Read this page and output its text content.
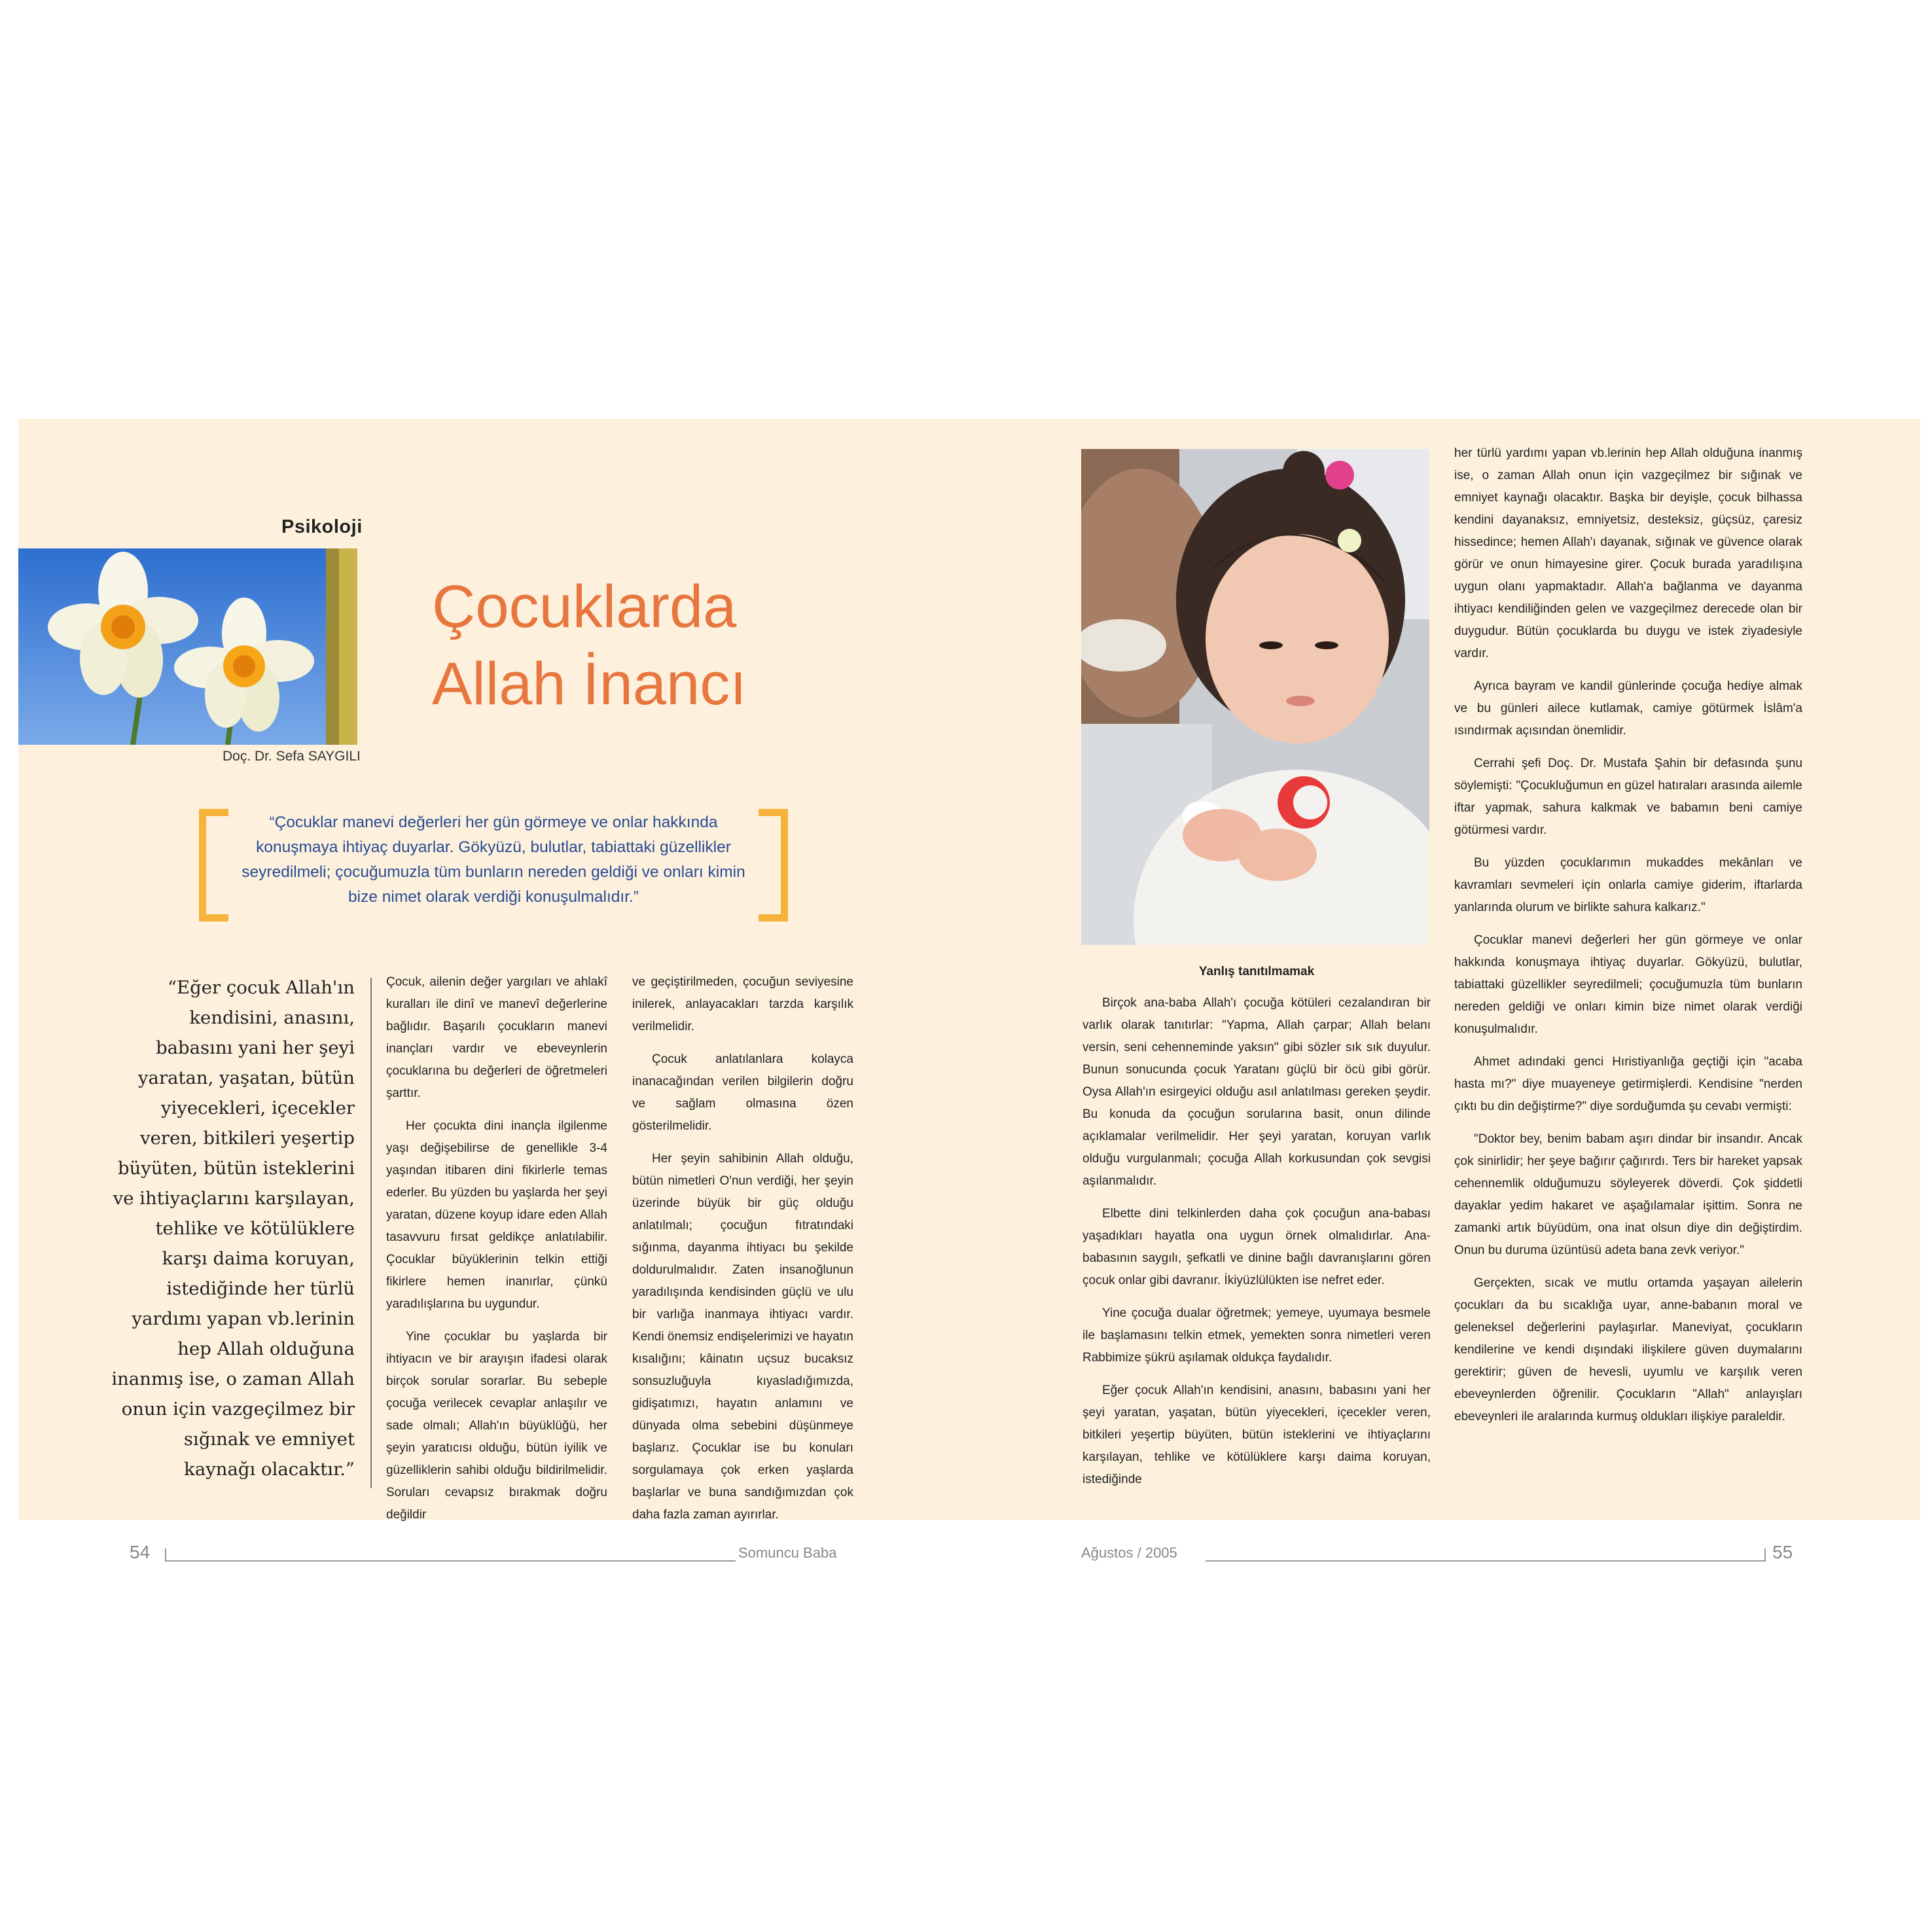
Psikoloji
Doç. Dr. Sefa SAYGILI
Çocuklarda
Allah İnancı
“Çocuklar manevi değerleri her gün görmeye ve onlar hakkında konuşmaya ihtiyaç duyarlar. Gökyüzü, bulutlar, tabiattaki güzellikler seyredilmeli; çocuğumuzla tüm bunların nereden geldiği ve onları kimin bize nimet olarak verdiği konuşulmalıdır.”
“Eğer çocuk Allah'ın kendisini, anasını, babasını yani her şeyi yaratan, yaşatan, bütün yiyecekleri, içecekler veren, bitkileri yeşertip büyüten, bütün isteklerini ve ihtiyaçlarını karşılayan, tehlike ve kötülüklere karşı daima koruyan, istediğinde her türlü yardımı yapan vb.lerinin hep Allah olduğuna inanmış ise, o zaman Allah onun için vazgeçilmez bir sığınak ve emniyet kaynağı olacaktır.”

Çocuk, ailenin değer yargıları ve ahlakî kuralları ile dinî ve manevî değerlerine bağlıdır. Başarılı çocukların manevi inançları vardır ve ebeveynlerin çocuklarına bu değerleri de öğretmeleri şarttır.

Her çocukta dini inançla ilgilenme yaşı değişebilirse de genellikle 3-4 yaşından itibaren dini fikirlerle temas ederler. Bu yüzden bu yaşlarda her şeyi yaratan, düzene koyup idare eden Allah tasavvuru fırsat geldikçe anlatılabilir. Çocuklar büyüklerinin telkin ettiği fikirlere hemen inanırlar, çünkü yaradılışlarına bu uygundur.

Yine çocuklar bu yaşlarda bir ihtiyacın ve bir arayışın ifadesi olarak birçok sorular sorarlar. Bu sebeple çocuğa verilecek cevaplar anlaşılır ve sade olmalı; Allah'ın büyüklüğü, her şeyin yaratıcısı olduğu, bütün iyilik ve güzelliklerin sahibi olduğu bildirilmelidir. Soruları cevapsız bırakmak doğru değildir

ve geçiştirilmeden, çocuğun seviyesine inilerek, anlayacakları tarzda karşılık verilmelidir.

Çocuk anlatılanlara kolayca inanacağından verilen bilgilerin doğru ve sağlam olmasına özen gösterilmelidir.

Her şeyin sahibinin Allah olduğu, bütün nimetleri O'nun verdiği, her şeyin üzerinde büyük bir güç olduğu anlatılmalı; çocuğun fıtratındaki sığınma, dayanma ihtiyacı bu şekilde doldurulmalıdır. Zaten insanoğlunun yaradılışında kendisinden güçlü ve ulu bir varlığa inanmaya ihtiyacı vardır. Kendi önemsiz endişelerimizi ve hayatın kısalığını; kâinatın uçsuz bucaksız sonsuzluğuyla kıyasladığımızda, gidişatımızı, hayatın anlamını ve dünyada olma sebebini düşünmeye başlarız. Çocuklar ise bu konuları sorgulamaya çok erken yaşlarda başlarlar ve buna sandığımızdan çok daha fazla zaman ayırırlar.

Yanlış tanıtılmamak

Birçok ana-baba Allah'ı çocuğa kötüleri cezalandıran bir varlık olarak tanıtırlar: "Yapma, Allah çarpar; Allah belanı versin, seni cehenneminde yaksın" gibi sözler sık sık duyulur. Bunun sonucunda çocuk Yaratanı güçlü bir öcü gibi görür. Oysa Allah'ın esirgeyici olduğu asıl anlatılması gereken şeydir. Bu konuda da çocuğun sorularına basit, onun dilinde açıklamalar verilmelidir. Her şeyi yaratan, koruyan varlık olduğu vurgulanmalı; çocuğa Allah korkusundan çok sevgisi aşılanmalıdır.

Elbette dini telkinlerden daha çok çocuğun ana-babası yaşadıkları hayatla ona uygun örnek olmalıdırlar. Ana-babasının saygılı, şefkatli ve dinine bağlı davranışlarını gören çocuk onlar gibi davranır. İkiyüzlülükten ise nefret eder.

Yine çocuğa dualar öğretmek; yemeye, uyumaya besmele ile başlamasını telkin etmek, yemekten sonra nimetleri veren Rabbimize şükrü aşılamak oldukça faydalıdır.

Eğer çocuk Allah'ın kendisini, anasını, babasını yani her şeyi yaratan, yaşatan, bütün yiyecekleri, içecekler veren, bitkileri yeşertip büyüten, bütün isteklerini ve ihtiyaçlarını karşılayan, tehlike ve kötülüklere karşı daima koruyan, istediğinde

her türlü yardımı yapan vb.lerinin hep Allah olduğuna inanmış ise, o zaman Allah onun için vazgeçilmez bir sığınak ve emniyet kaynağı olacaktır. Başka bir deyişle, çocuk bilhassa kendini dayanaksız, emniyetsiz, desteksiz, güçsüz, çaresiz hissedince; hemen Allah'ı dayanak, sığınak ve güvence olarak görür ve onun himayesine girer. Çocuk burada yaradılışına uygun olanı yapmaktadır. Allah'a bağlanma ve dayanma ihtiyacı kendiliğinden gelen ve vazgeçilmez derecede olan bir duygudur. Bütün çocuklarda bu duygu ve istek ziyadesiyle vardır.

Ayrıca bayram ve kandil günlerinde çocuğa hediye almak ve bu günleri ailece kutlamak, camiye götürmek İslâm'a ısındırmak açısından önemlidir.

Cerrahi şefi Doç. Dr. Mustafa Şahin bir defasında şunu söylemişti: "Çocukluğumun en güzel hatıraları arasında ailemle iftar yapmak, sahura kalkmak ve babamın beni camiye götürmesi vardır.

Bu yüzden çocuklarımın mukaddes mekânları ve kavramları sevmeleri için onlarla camiye giderim, iftarlarda yanlarında olurum ve birlikte sahura kalkarız."

Çocuklar manevi değerleri her gün görmeye ve onlar hakkında konuşmaya ihtiyaç duyarlar. Gökyüzü, bulutlar, tabiattaki güzellikler seyredilmeli; çocuğumuzla tüm bunların nereden geldiği ve onları kimin bize nimet olarak verdiği konuşulmalıdır.

Ahmet adındaki genci Hıristiyanlığa geçtiği için "acaba hasta mı?" diye muayeneye getirmişlerdi. Kendisine "nerden çıktı bu din değiştirme?" diye sorduğumda şu cevabı vermişti:

"Doktor bey, benim babam aşırı dindar bir insandır. Ancak çok sinirlidir; her şeye bağırır çağırırdı. Ters bir hareket yapsak cehennemlik olduğumuzu söyleyerek döverdi. Çok şiddetli dayaklar yedim hakaret ve aşağılamalar işittim. Sonra ne zamanki artık büyüdüm, ona inat olsun diye din değiştirdim. Onun bu duruma üzüntüsü adeta bana zevk veriyor."

Gerçekten, sıcak ve mutlu ortamda yaşayan ailelerin çocukları da bu sıcaklığa uyar, anne-babanın moral ve geleneksel değerlerini paylaşırlar. Maneviyat, çocukların kendilerine ve kendi dışındaki ilişkilere güven duymalarını gerektirir; güven de hevesli, uyumlu ve karşılık veren ebeveynlerden öğrenilir. Çocukların "Allah" anlayışları ebeveynleri ile aralarında kurmuş oldukları ilişkiye paraleldir.

54	Somuncu Baba	Ağustos / 2005	55
